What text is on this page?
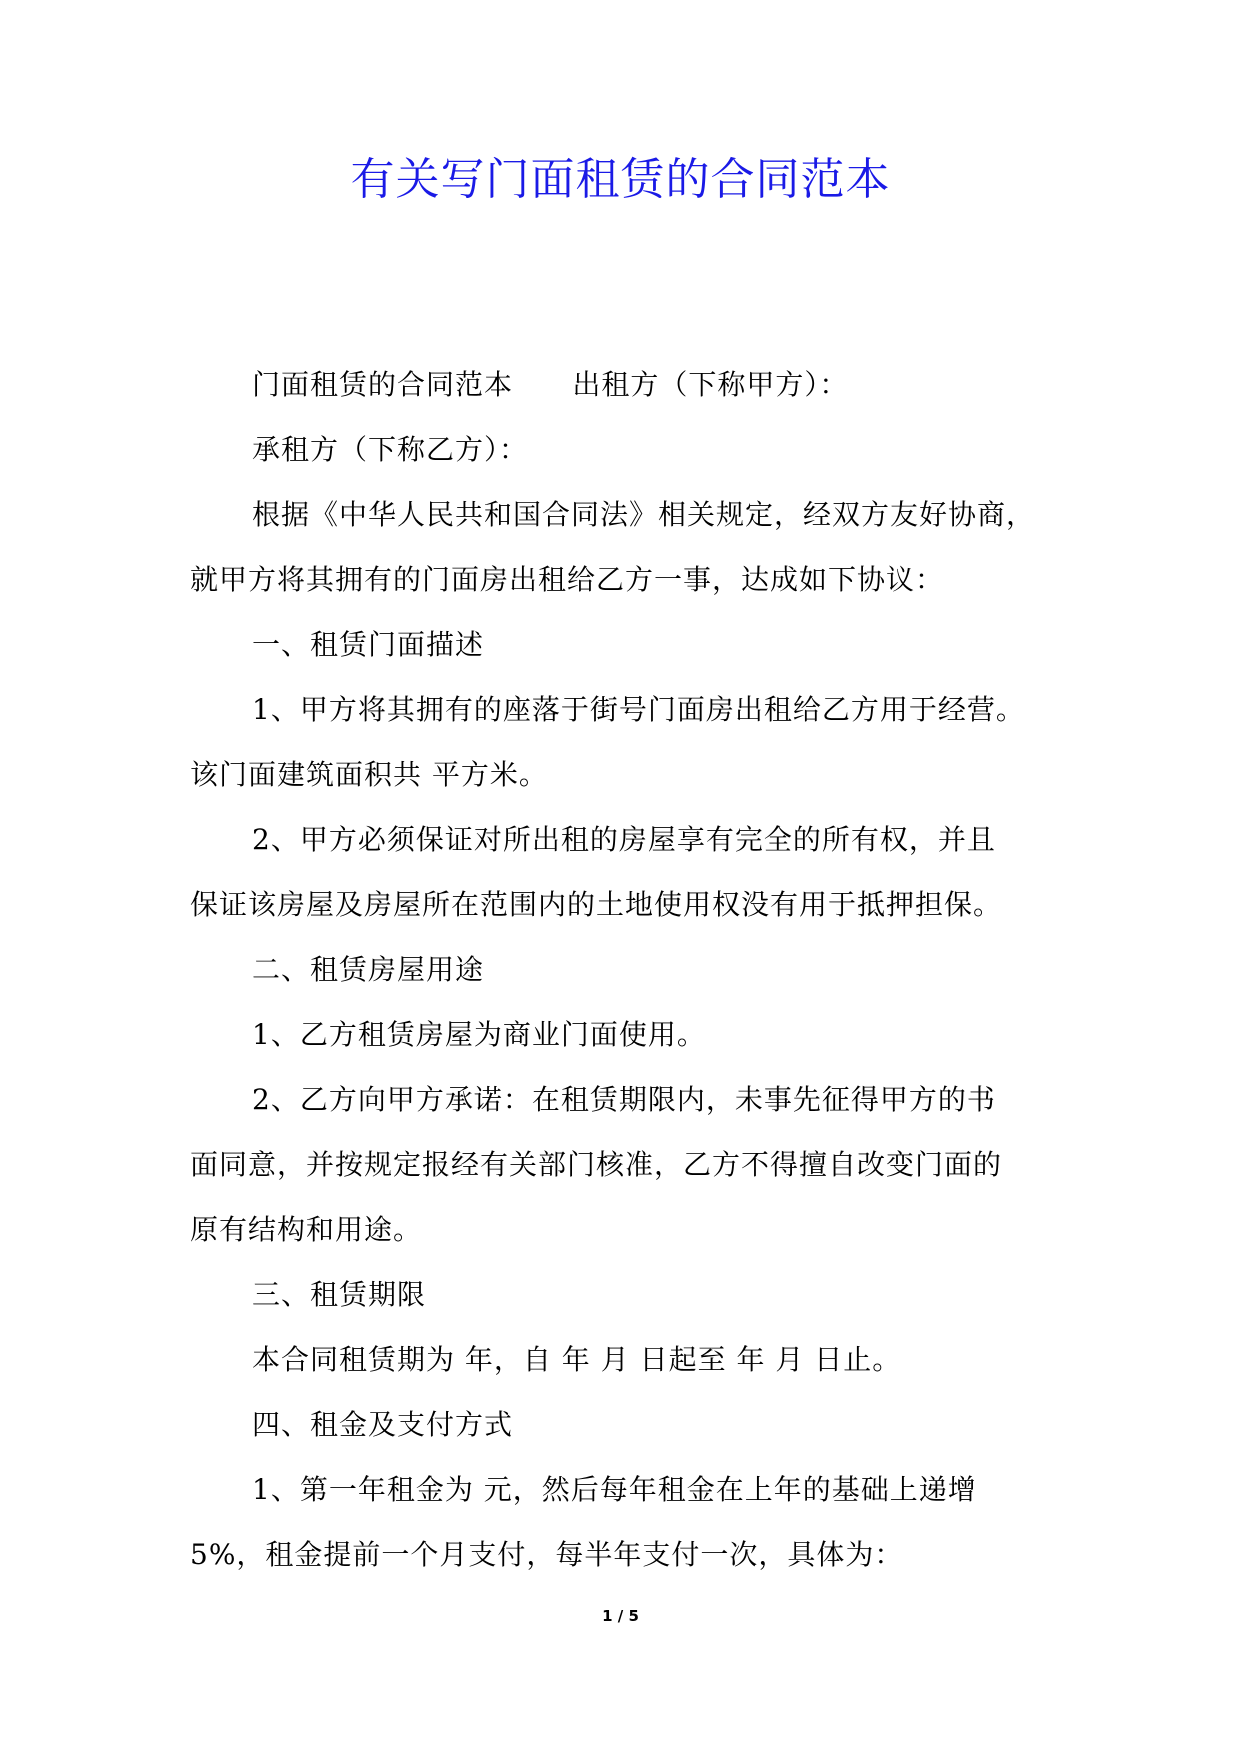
有关写门面租赁的合同范本
门面租赁的合同范本      出租方（下称甲方）：
承租方（下称乙方）：
根据《中华人民共和国合同法》相关规定，经双方友好协商，
就甲方将其拥有的门面房出租给乙方一事，达成如下协议：
一、租赁门面描述
1、甲方将其拥有的座落于街号门面房出租给乙方用于经营。
该门面建筑面积共 平方米。
2、甲方必须保证对所出租的房屋享有完全的所有权，并且
保证该房屋及房屋所在范围内的土地使用权没有用于抵押担保。
二、租赁房屋用途
1、乙方租赁房屋为商业门面使用。
2、乙方向甲方承诺：在租赁期限内，未事先征得甲方的书
面同意，并按规定报经有关部门核准，乙方不得擅自改变门面的
原有结构和用途。
三、租赁期限
本合同租赁期为 年，自 年 月 日起至 年 月 日止。
四、租金及支付方式
1、第一年租金为 元，然后每年租金在上年的基础上递增
5%，租金提前一个月支付，每半年支付一次，具体为：
1 / 5
